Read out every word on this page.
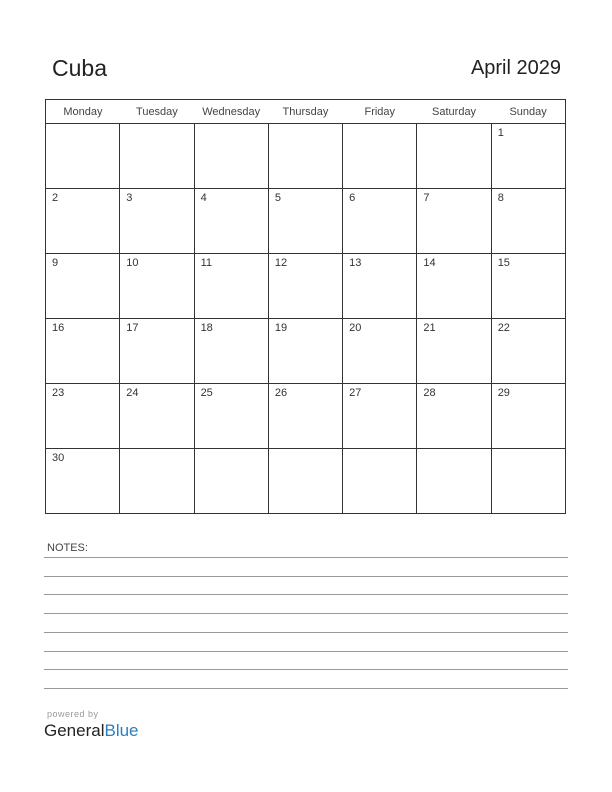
Cuba	April 2029
Monday	Tuesday	Wednesday	Thursday	Friday	Saturday	Sunday

						1

2	3	4	5	6	7	8

9	10	11	12	13	14	15

16	17	18	19	20	21	22

23	24	25	26	27	28	29

30						

NOTES:
powered by
GeneralBlue
